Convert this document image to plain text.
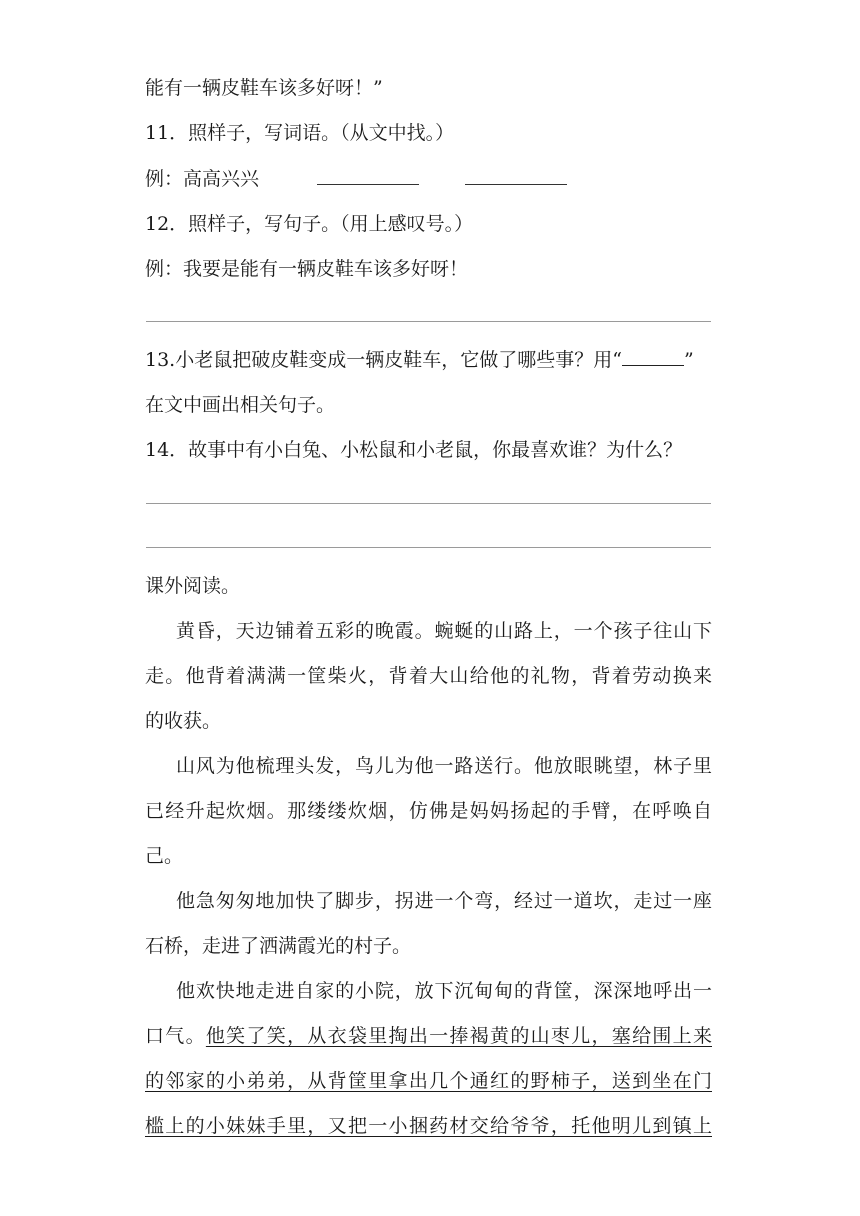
能有一辆皮鞋车该多好呀！”
11．照样子，写词语。（从文中找。）
例：高高兴兴
12．照样子，写句子。（用上感叹号。）
例：我要是能有一辆皮鞋车该多好呀！
13.小老鼠把破皮鞋变成一辆皮鞋车，它做了哪些事？用“	”
在文中画出相关句子。
14．故事中有小白兔、小松鼠和小老鼠，你最喜欢谁？为什么？
课外阅读。
黄昏，天边铺着五彩的晚霞。蜿蜒的山路上，一个孩子往山下
走。他背着满满一筐柴火，背着大山给他的礼物，背着劳动换来
的收获。
山风为他梳理头发，鸟儿为他一路送行。他放眼眺望，林子里
已经升起炊烟。那缕缕炊烟，仿佛是妈妈扬起的手臂，在呼唤自
己。
他急匆匆地加快了脚步，拐进一个弯，经过一道坎，走过一座
石桥，走进了洒满霞光的村子。
他欢快地走进自家的小院，放下沉甸甸的背筐，深深地呼出一
口气。他笑了笑，从衣袋里掏出一捧褐黄的山枣儿，塞给围上来
的邻家的小弟弟，从背筐里拿出几个通红的野柿子，送到坐在门
槛上的小妹妹手里，又把一小捆药材交给爷爷，托他明儿到镇上
